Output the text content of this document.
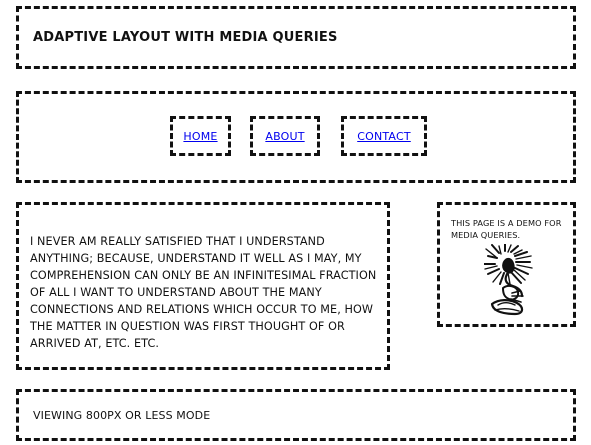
ADAPTIVE LAYOUT WITH MEDIA QUERIES
HOME	ABOUT	CONTACT
I NEVER AM REALLY SATISFIED THAT I UNDERSTAND ANYTHING; BECAUSE, UNDERSTAND IT WELL AS I MAY, MY COMPREHENSION CAN ONLY BE AN INFINITESIMAL FRACTION OF ALL I WANT TO UNDERSTAND ABOUT THE MANY CONNECTIONS AND RELATIONS WHICH OCCUR TO ME, HOW THE MATTER IN QUESTION WAS FIRST THOUGHT OF OR ARRIVED AT, ETC. ETC.
THIS PAGE IS A DEMO FOR MEDIA QUERIES.
VIEWING 800PX OR LESS MODE
